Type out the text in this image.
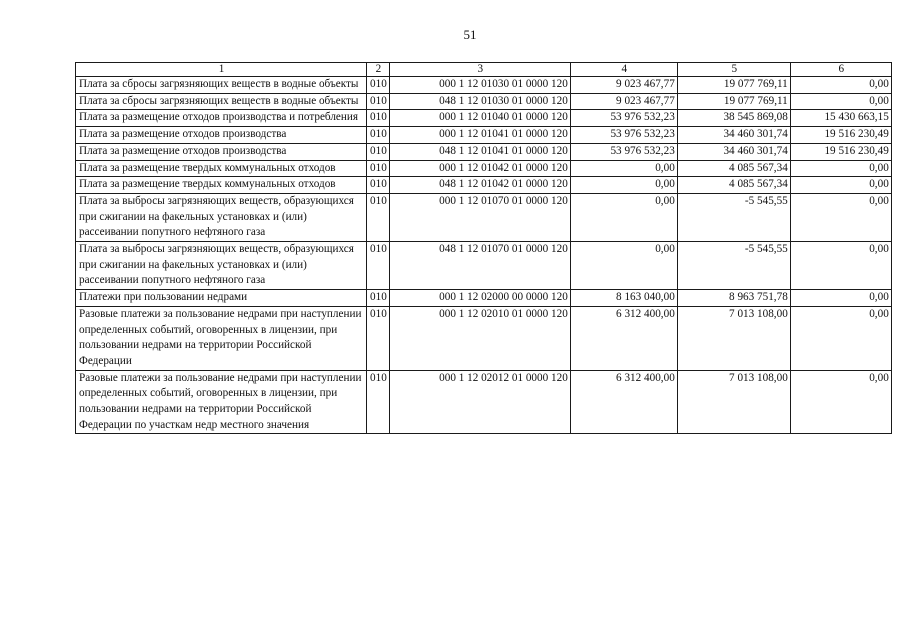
51
1	2	3	4	5	6
Плата за сбросы загрязняющих веществ в водные объекты	010	000 1 12 01030 01 0000 120	9 023 467,77	19 077 769,11	0,00
Плата за сбросы загрязняющих веществ в водные объекты	010	048 1 12 01030 01 0000 120	9 023 467,77	19 077 769,11	0,00
Плата за размещение отходов производства и потребления	010	000 1 12 01040 01 0000 120	53 976 532,23	38 545 869,08	15 430 663,15
Плата за размещение отходов производства	010	000 1 12 01041 01 0000 120	53 976 532,23	34 460 301,74	19 516 230,49
Плата за размещение отходов производства	010	048 1 12 01041 01 0000 120	53 976 532,23	34 460 301,74	19 516 230,49
Плата за размещение твердых коммунальных отходов	010	000 1 12 01042 01 0000 120	0,00	4 085 567,34	0,00
Плата за размещение твердых коммунальных отходов	010	048 1 12 01042 01 0000 120	0,00	4 085 567,34	0,00
Плата за выбросы загрязняющих веществ, образующихся при сжигании на факельных установках и (или) рассеивании попутного нефтяного газа	010	000 1 12 01070 01 0000 120	0,00	-5 545,55	0,00
Плата за выбросы загрязняющих веществ, образующихся при сжигании на факельных установках и (или) рассеивании попутного нефтяного газа	010	048 1 12 01070 01 0000 120	0,00	-5 545,55	0,00
Платежи при пользовании недрами	010	000 1 12 02000 00 0000 120	8 163 040,00	8 963 751,78	0,00
Разовые платежи за пользование недрами при наступлении определенных событий, оговоренных в лицензии, при пользовании недрами на территории Российской Федерации	010	000 1 12 02010 01 0000 120	6 312 400,00	7 013 108,00	0,00
Разовые платежи за пользование недрами при наступлении определенных событий, оговоренных в лицензии, при пользовании недрами на территории Российской Федерации по участкам недр местного значения	010	000 1 12 02012 01 0000 120	6 312 400,00	7 013 108,00	0,00
